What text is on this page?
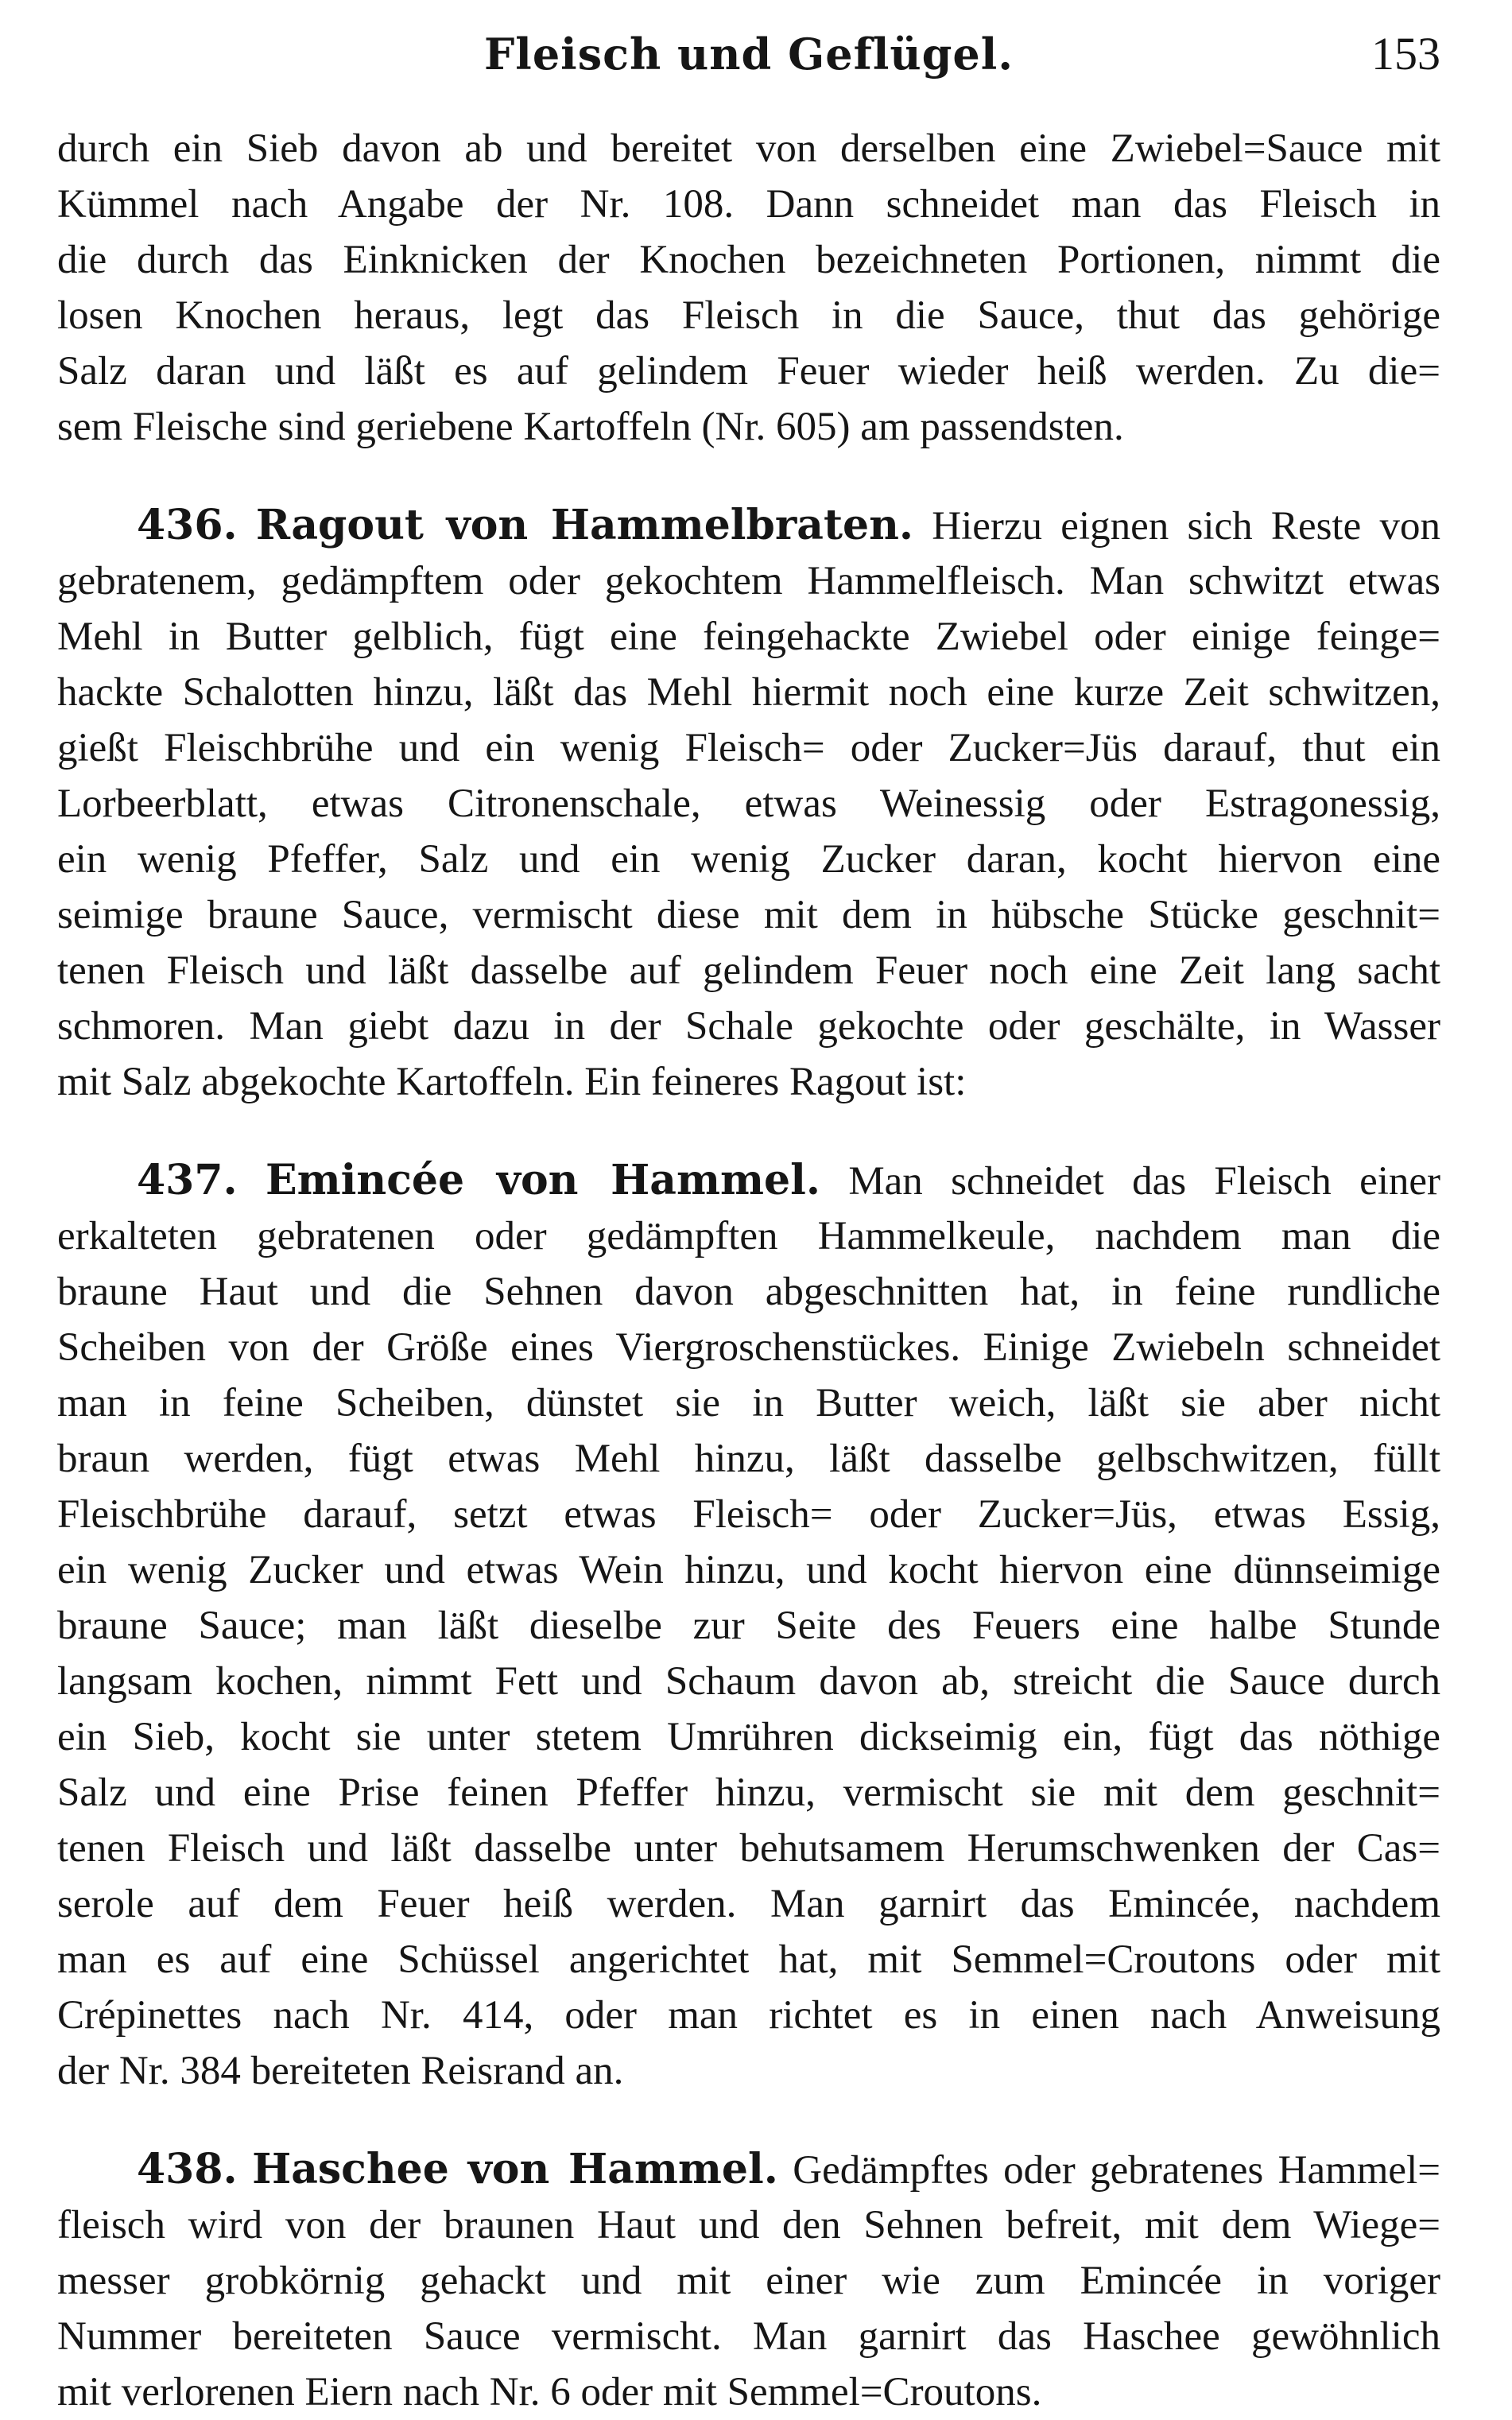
Fleisch und Geflügel.	153
durch ein Sieb davon ab und bereitet von derselben eine Zwiebel=Sauce mit
Kümmel nach Angabe der Nr. 108. Dann schneidet man das Fleisch in
die durch das Einknicken der Knochen bezeichneten Portionen, nimmt die
losen Knochen heraus, legt das Fleisch in die Sauce, thut das gehörige
Salz daran und läßt es auf gelindem Feuer wieder heiß werden. Zu die=
sem Fleische sind geriebene Kartoffeln (Nr. 605) am passendsten.
436. Ragout von Hammelbraten. Hierzu eignen sich Reste von
gebratenem, gedämpftem oder gekochtem Hammelfleisch. Man schwitzt etwas
Mehl in Butter gelblich, fügt eine feingehackte Zwiebel oder einige feinge=
hackte Schalotten hinzu, läßt das Mehl hiermit noch eine kurze Zeit schwitzen,
gießt Fleischbrühe und ein wenig Fleisch= oder Zucker=Jüs darauf, thut ein
Lorbeerblatt, etwas Citronenschale, etwas Weinessig oder Estragonessig,
ein wenig Pfeffer, Salz und ein wenig Zucker daran, kocht hiervon eine
seimige braune Sauce, vermischt diese mit dem in hübsche Stücke geschnit=
tenen Fleisch und läßt dasselbe auf gelindem Feuer noch eine Zeit lang sacht
schmoren. Man giebt dazu in der Schale gekochte oder geschälte, in Wasser
mit Salz abgekochte Kartoffeln. Ein feineres Ragout ist:
437. Emincée von Hammel. Man schneidet das Fleisch einer
erkalteten gebratenen oder gedämpften Hammelkeule, nachdem man die
braune Haut und die Sehnen davon abgeschnitten hat, in feine rundliche
Scheiben von der Größe eines Viergroschenstückes. Einige Zwiebeln schneidet
man in feine Scheiben, dünstet sie in Butter weich, läßt sie aber nicht
braun werden, fügt etwas Mehl hinzu, läßt dasselbe gelbschwitzen, füllt
Fleischbrühe darauf, setzt etwas Fleisch= oder Zucker=Jüs, etwas Essig,
ein wenig Zucker und etwas Wein hinzu, und kocht hiervon eine dünnseimige
braune Sauce; man läßt dieselbe zur Seite des Feuers eine halbe Stunde
langsam kochen, nimmt Fett und Schaum davon ab, streicht die Sauce durch
ein Sieb, kocht sie unter stetem Umrühren dickseimig ein, fügt das nöthige
Salz und eine Prise feinen Pfeffer hinzu, vermischt sie mit dem geschnit=
tenen Fleisch und läßt dasselbe unter behutsamem Herumschwenken der Cas=
serole auf dem Feuer heiß werden. Man garnirt das Emincée, nachdem
man es auf eine Schüssel angerichtet hat, mit Semmel=Croutons oder mit
Crépinettes nach Nr. 414, oder man richtet es in einen nach Anweisung
der Nr. 384 bereiteten Reisrand an.
438. Haschee von Hammel. Gedämpftes oder gebratenes Hammel=
fleisch wird von der braunen Haut und den Sehnen befreit, mit dem Wiege=
messer grobkörnig gehackt und mit einer wie zum Emincée in voriger
Nummer bereiteten Sauce vermischt. Man garnirt das Haschee gewöhnlich
mit verlorenen Eiern nach Nr. 6 oder mit Semmel=Croutons.
